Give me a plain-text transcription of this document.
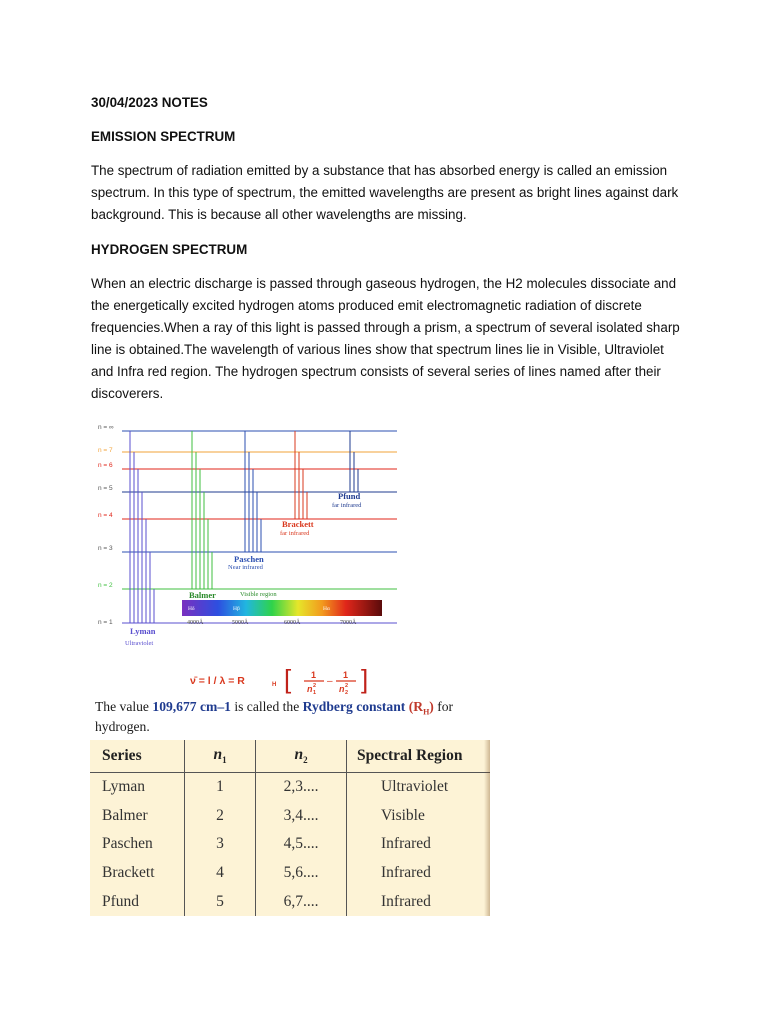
30/04/2023 NOTES

EMISSION SPECTRUM

The spectrum of radiation emitted by a substance that has absorbed energy is called an emission spectrum. In this type of spectrum, the emitted wavelengths are present as bright lines against dark background. This is because all other wavelengths are missing.

HYDROGEN SPECTRUM

When an electric discharge is passed through gaseous hydrogen, the H2 molecules dissociate and the energetically excited hydrogen atoms produced emit electromagnetic radiation of discrete frequencies.When a ray of this light is passed through a prism, a spectrum of several isolated sharp line is obtained.The wavelength of various lines show that spectrum lines lie in Visible, Ultraviolet and Infra red region. The hydrogen spectrum consists of several series of lines named after their discoverers.

n = ∞
n = 7
n = 6
n = 5
n = 4
n = 3
n = 2
n = 1
Hδ	Hβ	Hα
4000Å	5000Å	6000Å	7000Å
Lyman
Ultraviolet
Balmer	Visible region
Paschen
Near infrared
Brackett
far infrared
Pfund
far infrared
ν̄ = l / λ = R	H [ 1
n 1
2 –
1
n 2
2 ]
The value 109,677 cm–1 is called the Rydberg constant $(R_H)$ for hydrogen.
Series	$n_1$	$n_2$	Spectral Region
Lyman	1	2,3....	Ultraviolet
Balmer	2	3,4....	Visible
Paschen	3	4,5....	Infrared
Brackett	4	5,6....	Infrared
Pfund	5	6,7....	Infrared
